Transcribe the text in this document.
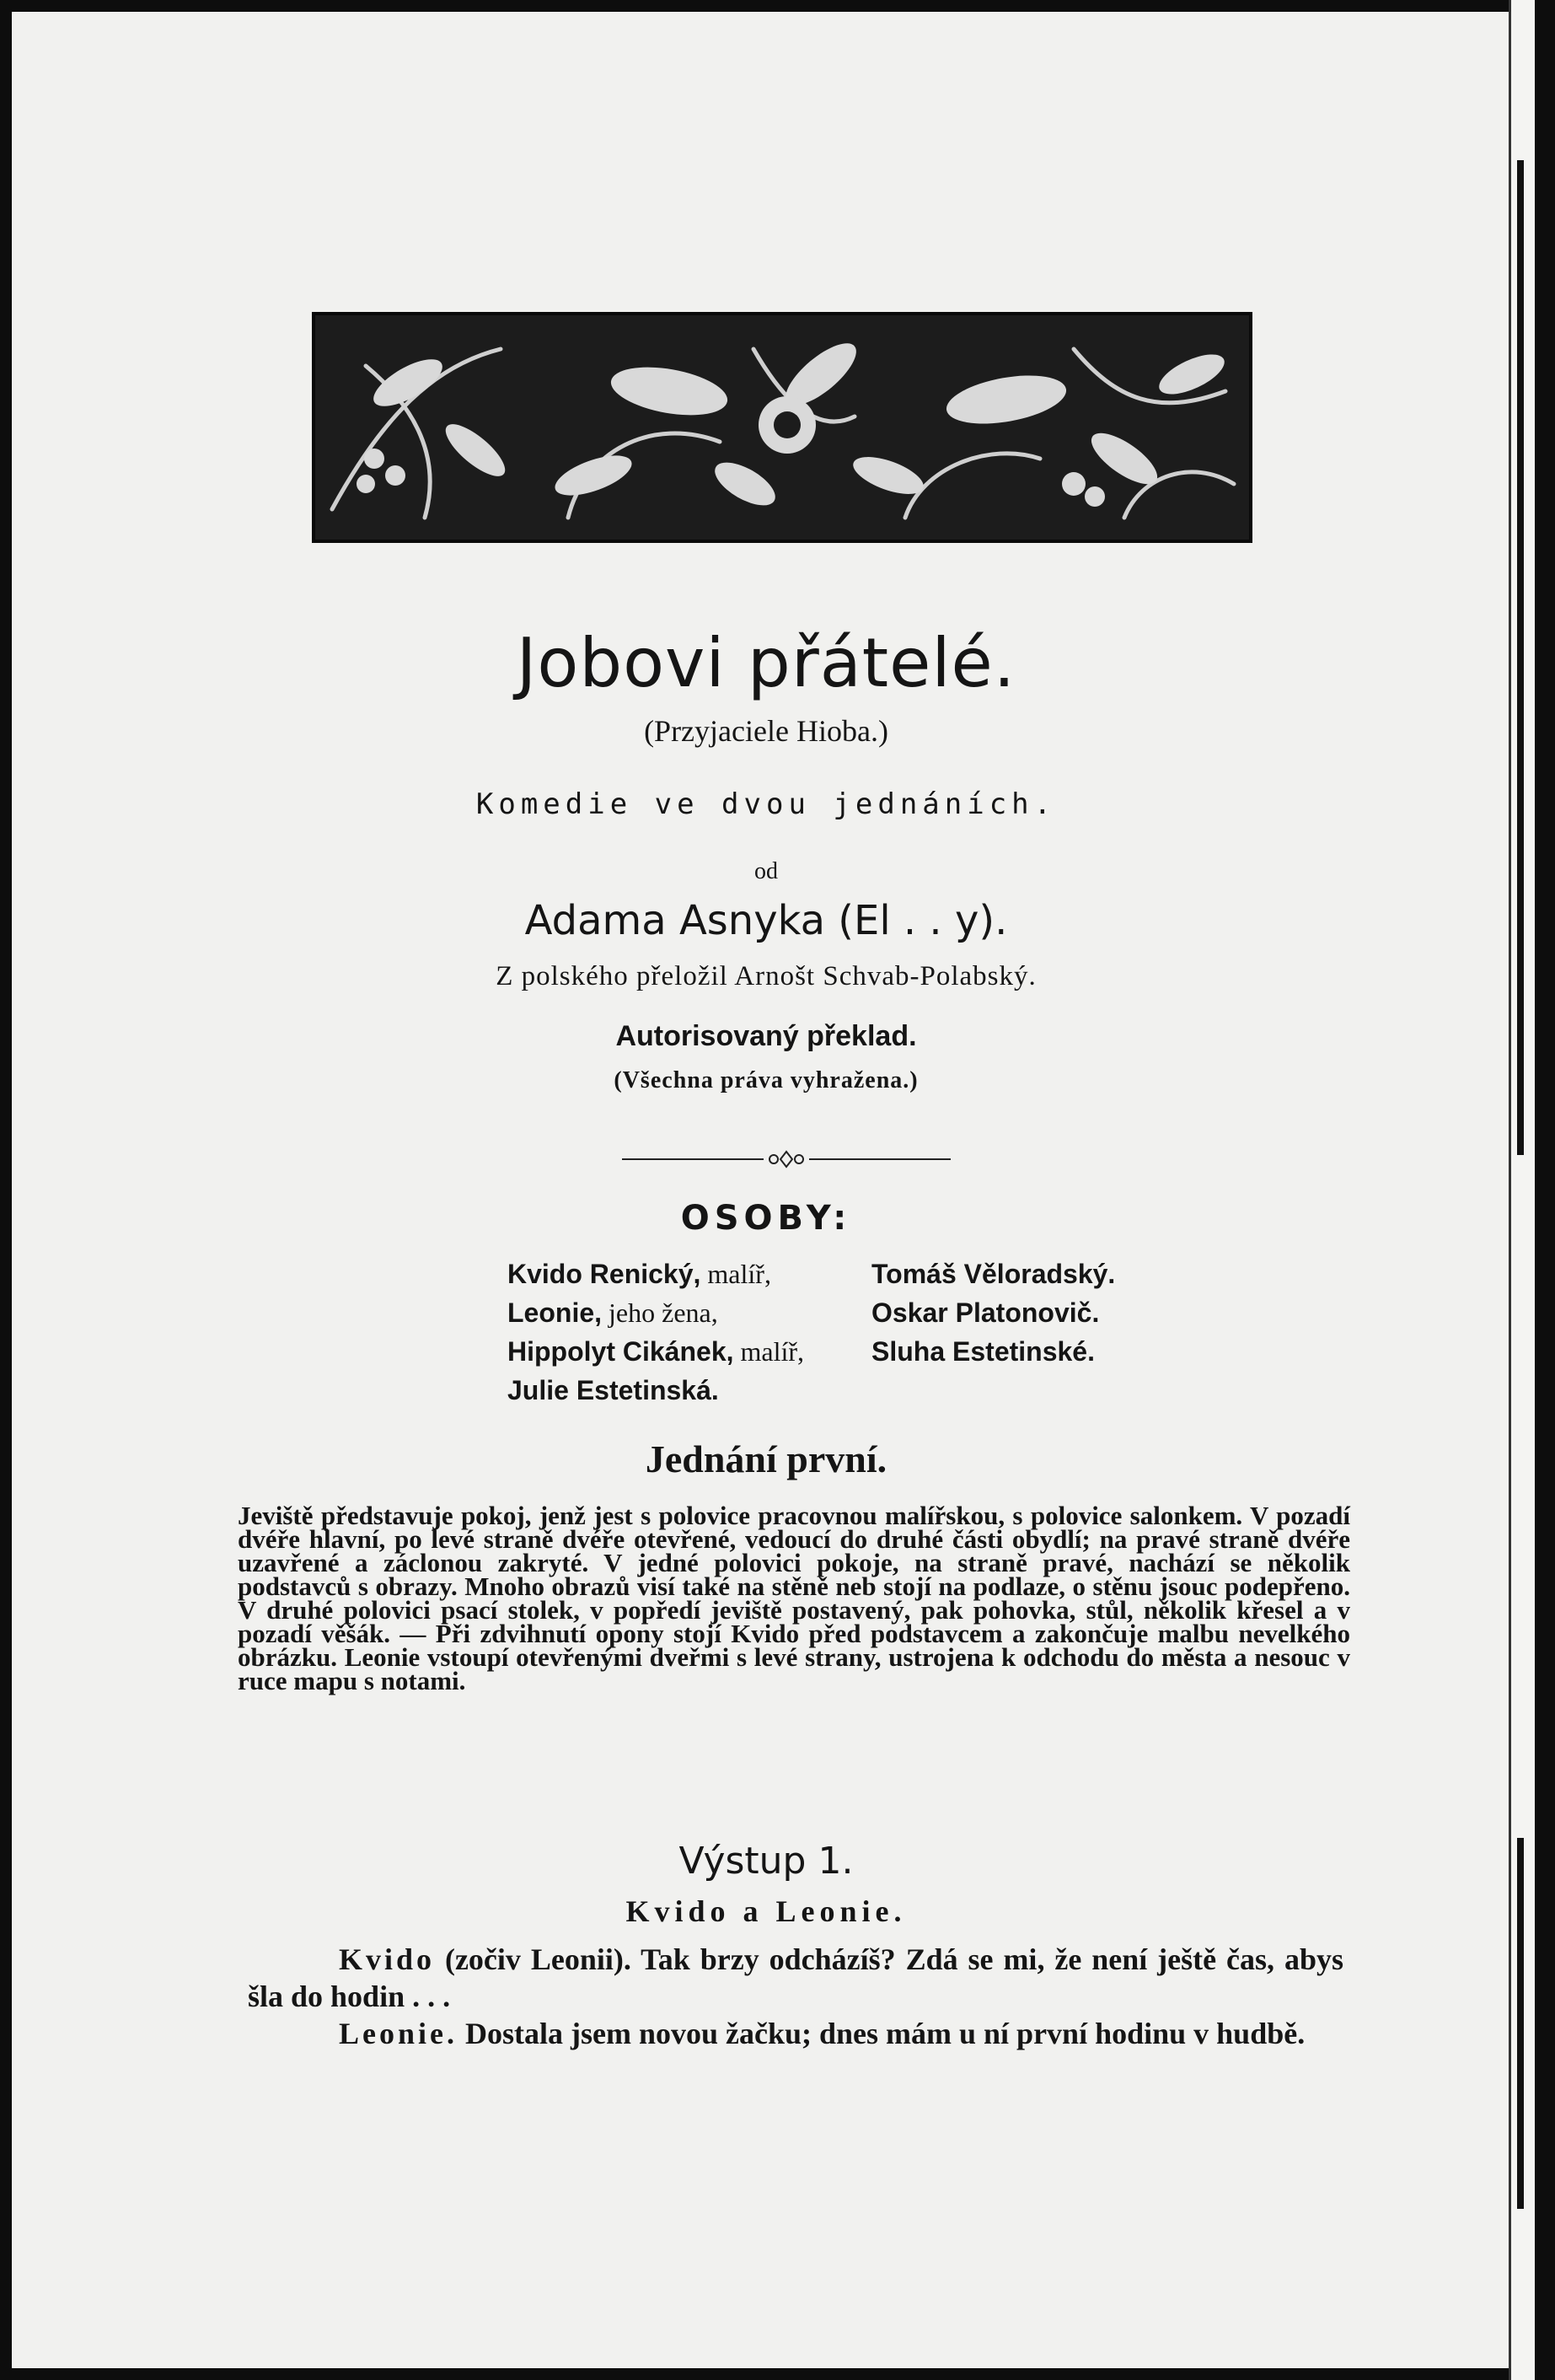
Jobovi přátelé.
(Przyjaciele Hioba.)
Komedie ve dvou jednáních.
od
Adama Asnyka (El . . y).
Z polského přeložil Arnošt Schvab-Polabský.
Autorisovaný překlad.
(Všechna práva vyhražena.)
OSOBY:
Kvido Renický, malíř,
Leonie, jeho žena,
Hippolyt Cikánek, malíř,
Julie Estetinská.
Tomáš Věloradský.
Oskar Platonovič.
Sluha Estetinské.
Jednání první.
Jeviště představuje pokoj, jenž jest s polovice pracovnou malířskou, s polovice salonkem. V pozadí dvéře hlavní, po levé straně dvéře otevřené, vedoucí do druhé části obydlí; na pravé straně dvéře uzavřené a záclonou zakryté. V jedné polovici pokoje, na straně pravé, nachází se několik podstavců s obrazy. Mnoho obrazů visí také na stěně neb stojí na podlaze, o stěnu jsouc podepřeno. V druhé polovici psací stolek, v popředí jeviště postavený, pak pohovka, stůl, několik křesel a v pozadí věšák. — Při zdvihnutí opony stojí Kvido před podstavcem a zakončuje malbu nevelkého obrázku. Leonie vstoupí otevřenými dveřmi s levé strany, ustrojena k odchodu do města a nesouc v ruce mapu s notami.
Výstup 1.
Kvido a Leonie.

Kvido (zočiv Leonii). Tak brzy odcházíš? Zdá se mi, že není ještě čas, abys šla do hodin . . .

Leonie. Dostala jsem novou žačku; dnes mám u ní první hodinu v hudbě.
